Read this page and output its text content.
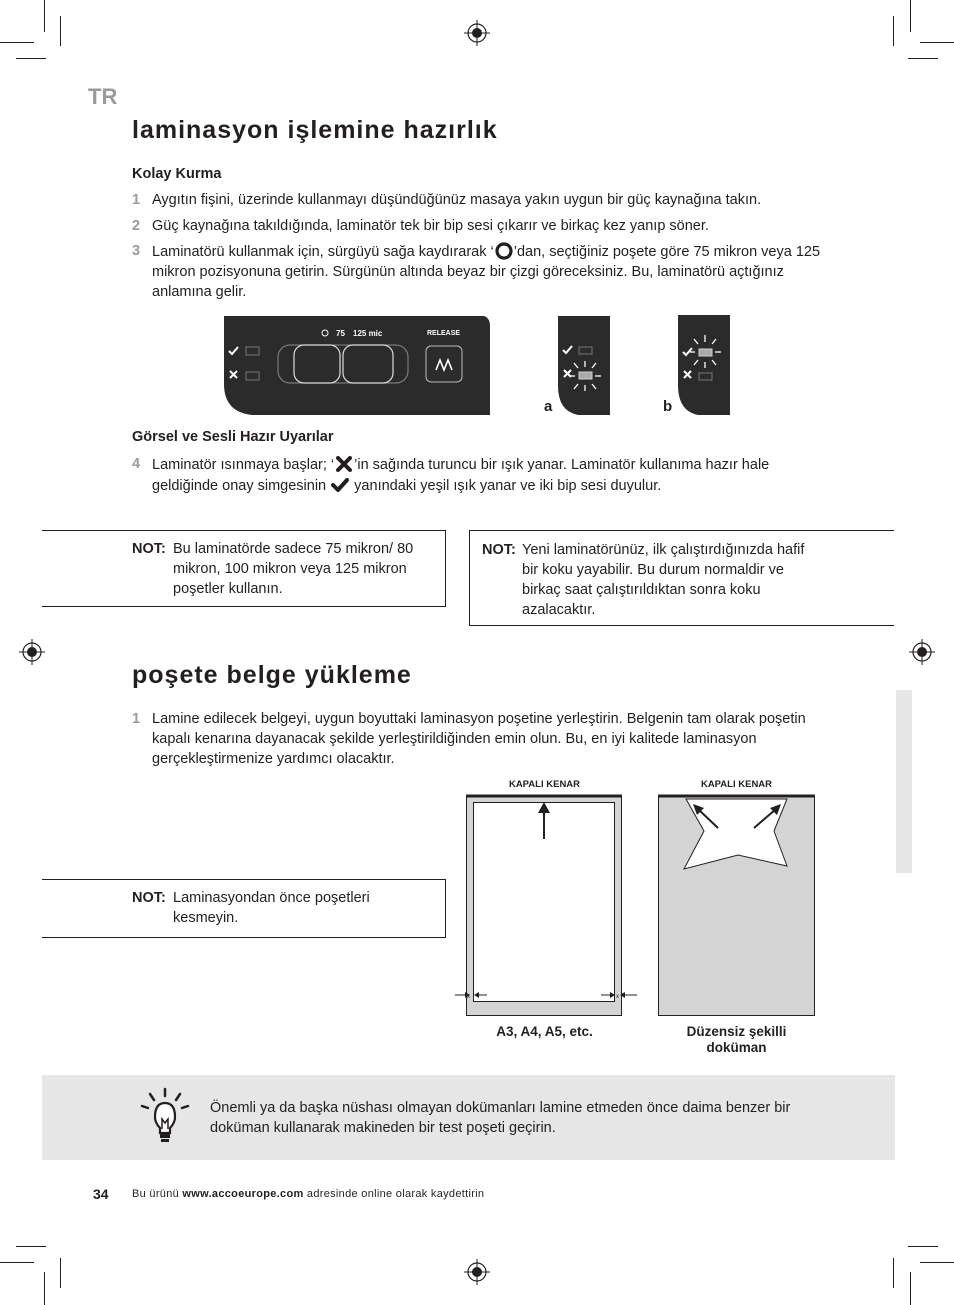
TR
laminasyon işlemine hazırlık
Kolay Kurma
1 Aygıtın fişini, üzerinde kullanmayı düşündüğünüz masaya yakın uygun bir güç kaynağına takın.
2 Güç kaynağına takıldığında, laminatör tek bir bip sesi çıkarır ve birkaç kez yanıp söner.
3 Laminatörü kullanmak için, sürgüyü sağa kaydırarak ‘ ’dan, seçtiğiniz poşete göre 75 mikron veya 125 mikron pozisyonuna getirin. Sürgünün altında beyaz bir çizgi göreceksiniz. Bu, laminatörü açtığınız anlamına gelir.
75 125 mic	RELEASE
a	b
Görsel ve Sesli Hazır Uyarılar
4 Laminatör ısınmaya başlar; ‘ ’in sağında turuncu bir ışık yanar. Laminatör kullanıma hazır hale geldiğinde onay simgesinin  yanındaki yeşil ışık yanar ve iki bip sesi duyulur.
NOT: Bu laminatörde sadece 75 mikron/ 80 mikron, 100 mikron veya 125 mikron poşetler kullanın.
NOT: Yeni laminatörünüz, ilk çalıştırdığınızda hafif bir koku yayabilir. Bu durum normaldir ve birkaç saat çalıştırıldıktan sonra koku azalacaktır.
poşete belge yükleme
1 Lamine edilecek belgeyi, uygun boyuttaki laminasyon poşetine yerleştirin. Belgenin tam olarak poşetin kapalı kenarına dayanacak şekilde yerleştirildiğinden emin olun. Bu, en iyi kalitede laminasyon gerçekleştirmenize yardımcı olacaktır.
NOT: Laminasyondan önce poşetleri kesmeyin.
KAPALI KENAR
x	x
A3, A4, A5, etc.
KAPALI KENAR
Düzensiz şekilli
doküman
Önemli ya da başka nüshası olmayan dokümanları lamine etmeden önce daima benzer bir doküman kullanarak makineden bir test poşeti geçirin.
34 Bu ürünü www.accoeurope.com adresinde online olarak kaydettirin
